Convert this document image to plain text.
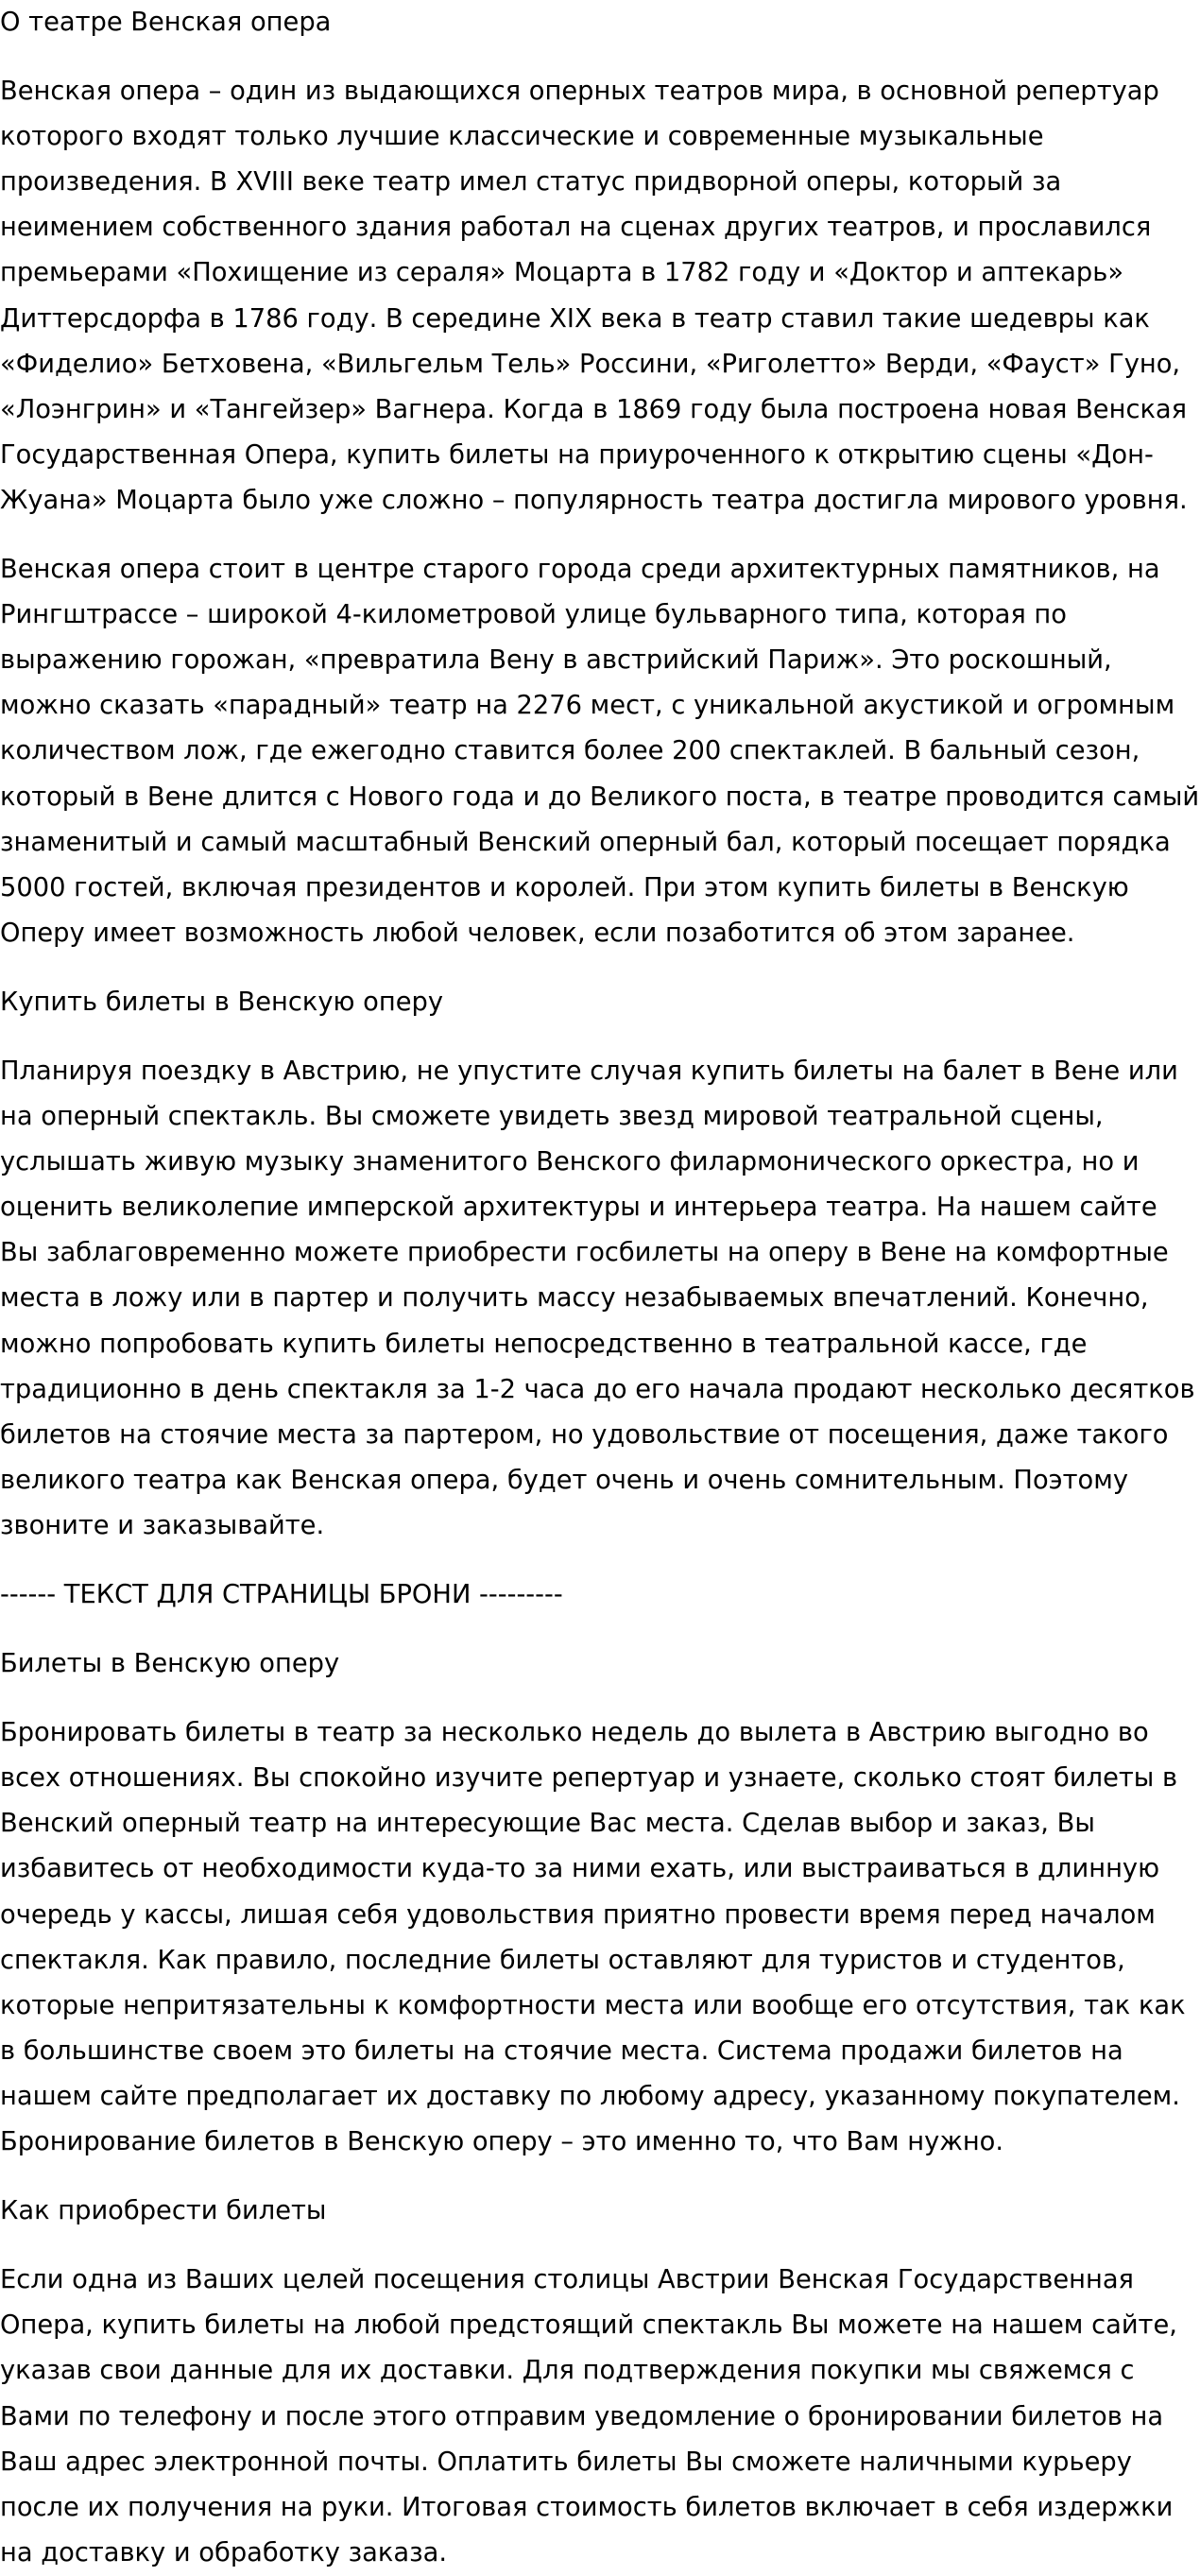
О театре Венская опера

Венская опера – один из выдающихся оперных театров мира, в основной репертуар которого входят только лучшие классические и современные музыкальные произведения. В XVIII веке театр имел статус придворной оперы, который за неимением собственного здания работал на сценах других театров, и прославился премьерами «Похищение из сераля» Моцарта в 1782 году и «Доктор и аптекарь» Диттерсдорфа в 1786 году. В середине XIX века в театр ставил такие шедевры как «Фиделио» Бетховена, «Вильгельм Тель» Россини, «Риголетто» Верди, «Фауст» Гуно, «Лоэнгрин» и «Тангейзер» Вагнера. Когда в 1869 году была построена новая Венская Государственная Опера, купить билеты на приуроченного к открытию сцены «Дон-Жуана» Моцарта было уже сложно – популярность театра достигла мирового уровня.

Венская опера стоит в центре старого города среди архитектурных памятников, на Рингштрассе – широкой 4-километровой улице бульварного типа, которая по выражению горожан, «превратила Вену в австрийский Париж». Это роскошный, можно сказать «парадный» театр на 2276 мест, с уникальной акустикой и огромным количеством лож, где ежегодно ставится более 200 спектаклей. В бальный сезон, который в Вене длится с Нового года и до Великого поста, в театре проводится самый знаменитый и самый масштабный Венский оперный бал, который посещает порядка 5000 гостей, включая президентов и королей. При этом купить билеты в Венскую Оперу имеет возможность любой человек, если позаботится об этом заранее.

Купить билеты в Венскую оперу

Планируя поездку в Австрию, не упустите случая купить билеты на балет в Вене или на оперный спектакль. Вы сможете увидеть звезд мировой театральной сцены, услышать живую музыку знаменитого Венского филармонического оркестра, но и оценить великолепие имперской архитектуры и интерьера театра. На нашем сайте Вы заблаговременно можете приобрести госбилеты на оперу в Вене на комфортные места в ложу или в партер и получить массу незабываемых впечатлений. Конечно, можно попробовать купить билеты непосредственно в театральной кассе, где традиционно в день спектакля за 1-2 часа до его начала продают несколько десятков билетов на стоячие места за партером, но удовольствие от посещения, даже такого великого театра как Венская опера, будет очень и очень сомнительным. Поэтому звоните и заказывайте.

------ ТЕКСТ ДЛЯ СТРАНИЦЫ БРОНИ ---------

Билеты в Венскую оперу

Бронировать билеты в театр за несколько недель до вылета в Австрию выгодно во всех отношениях. Вы спокойно изучите репертуар и узнаете, сколько стоят билеты в Венский оперный театр на интересующие Вас места. Сделав выбор и заказ, Вы избавитесь от необходимости куда-то за ними ехать, или выстраиваться в длинную очередь у кассы, лишая себя удовольствия приятно провести время перед началом спектакля. Как правило, последние билеты оставляют для туристов и студентов, которые непритязательны к комфортности места или вообще его отсутствия, так как в большинстве своем это билеты на стоячие места. Система продажи билетов на нашем сайте предполагает их доставку по любому адресу, указанному покупателем. Бронирование билетов в Венскую оперу – это именно то, что Вам нужно.

Как приобрести билеты

Если одна из Ваших целей посещения столицы Австрии Венская Государственная Опера, купить билеты на любой предстоящий спектакль Вы можете на нашем сайте, указав свои данные для их доставки. Для подтверждения покупки мы свяжемся с Вами по телефону и после этого отправим уведомление о бронировании билетов на Ваш адрес электронной почты. Оплатить билеты Вы сможете наличными курьеру после их получения на руки. Итоговая стоимость билетов включает в себя издержки на доставку и обработку заказа.
